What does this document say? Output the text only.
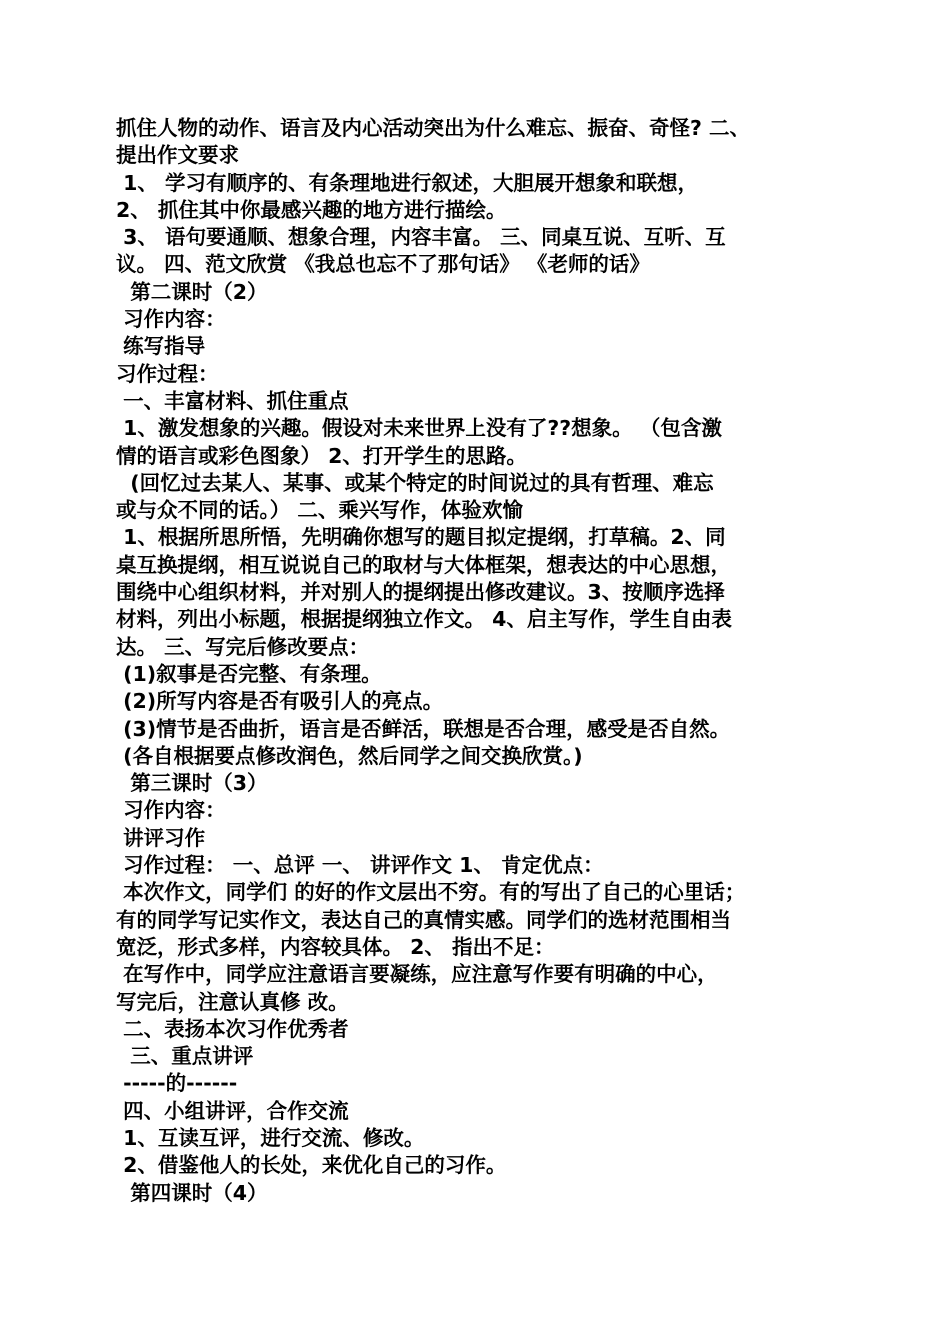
抓住人物的动作、语言及内心活动突出为什么难忘、振奋、奇怪? 二、
提出作文要求
1、 学习有顺序的、有条理地进行叙述，大胆展开想象和联想，
2、 抓住其中你最感兴趣的地方进行描绘。
3、 语句要通顺、想象合理，内容丰富。 三、同桌互说、互听、互
议。 四、范文欣赏 《我总也忘不了那句话》 《老师的话》
第二课时（2）
习作内容：
练写指导
习作过程：
一、丰富材料、抓住重点
1、激发想象的兴趣。假设对未来世界上没有了??想象。 （包含激
情的语言或彩色图象） 2、打开学生的思路。
(回忆过去某人、某事、或某个特定的时间说过的具有哲理、难忘
或与众不同的话。） 二、乘兴写作，体验欢愉
1、根据所思所悟，先明确你想写的题目拟定提纲，打草稿。2、同
桌互换提纲，相互说说自己的取材与大体框架，想表达的中心思想，
围绕中心组织材料，并对别人的提纲提出修改建议。3、按顺序选择
材料，列出小标题，根据提纲独立作文。 4、启主写作，学生自由表
达。 三、写完后修改要点：
(1)叙事是否完整、有条理。
(2)所写内容是否有吸引人的亮点。
(3)情节是否曲折，语言是否鲜活，联想是否合理，感受是否自然。
(各自根据要点修改润色，然后同学之间交换欣赏。)
第三课时（3）
习作内容：
讲评习作
习作过程： 一、总评 一、 讲评作文 1、 肯定优点：
本次作文，同学们 的好的作文层出不穷。有的写出了自己的心里话；
有的同学写记实作文，表达自己的真情实感。同学们的选材范围相当
宽泛，形式多样，内容较具体。 2、 指出不足：
在写作中，同学应注意语言要凝练，应注意写作要有明确的中心，
写完后，注意认真修 改。
二、表扬本次习作优秀者
三、重点讲评
-----的------
四、小组讲评，合作交流
1、互读互评，进行交流、修改。
2、借鉴他人的长处，来优化自己的习作。
第四课时（4）
